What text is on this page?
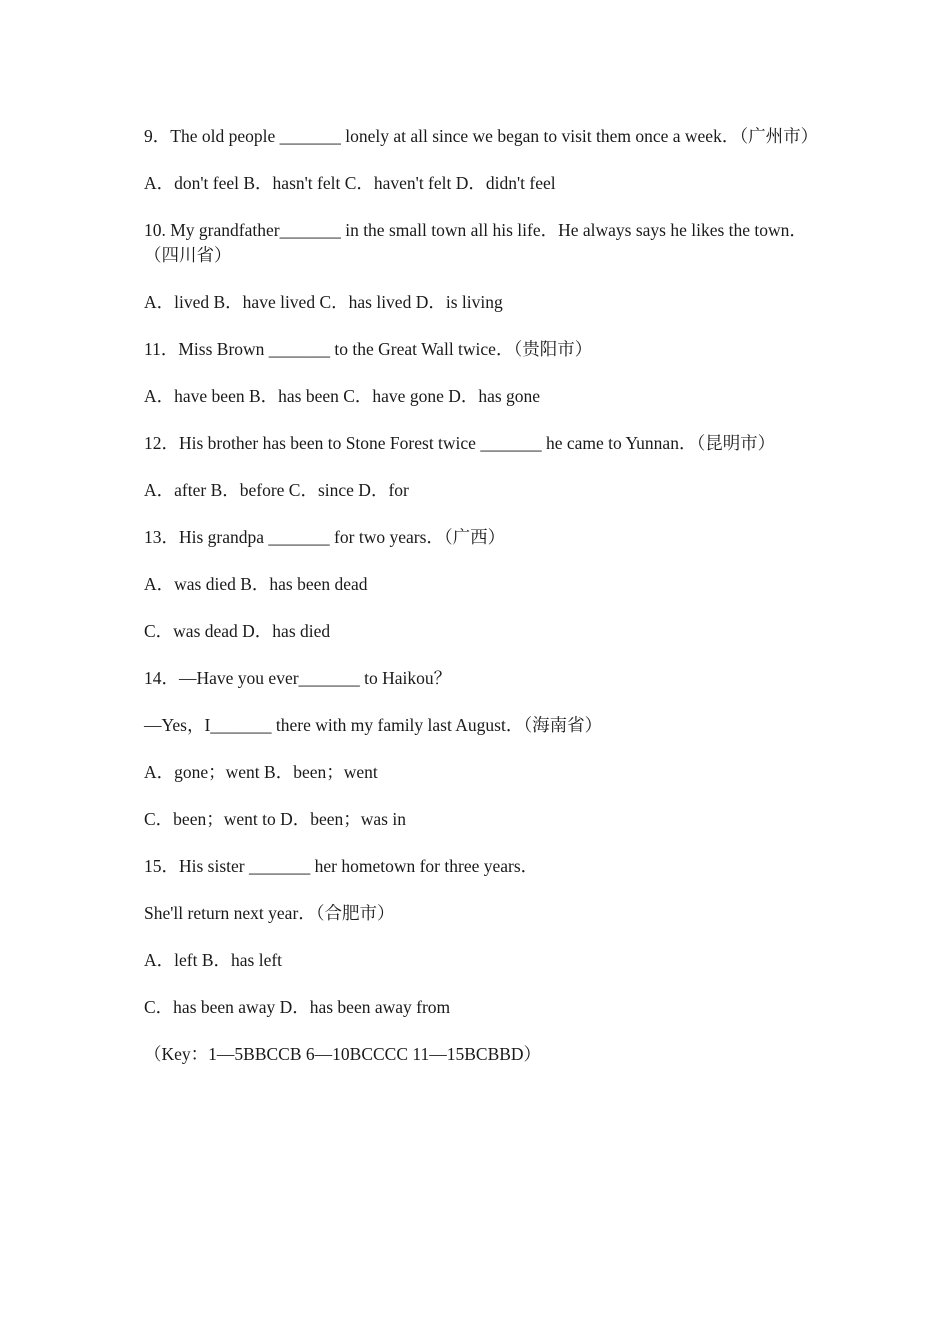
9．The old people _______ lonely at all since we began to visit them once a week．（广州市）

A．don't feel B．hasn't felt C．haven't felt D．didn't feel

10. My grandfather_______ in the small town all his life．He always says he likes the town．（四川省）

A．lived B．have lived C．has lived D．is living

11．Miss Brown _______ to the Great Wall twice．（贵阳市）

A．have been B．has been C．have gone D．has gone

12．His brother has been to Stone Forest twice _______ he came to Yunnan．（昆明市）

A．after B．before C．since D．for

13．His grandpa _______ for two years．（广西）

A．was died B．has been dead

C．was dead D．has died

14．—Have you ever_______ to Haikou？

—Yes，I_______ there with my family last August．（海南省）

A．gone；went B．been；went

C．been；went to D．been；was in

15．His sister _______ her hometown for three years．

She'll return next year．（合肥市）

A．left B．has left

C．has been away D．has been away from

（Key：1—5BBCCB 6—10BCCCC 11—15BCBBD）
